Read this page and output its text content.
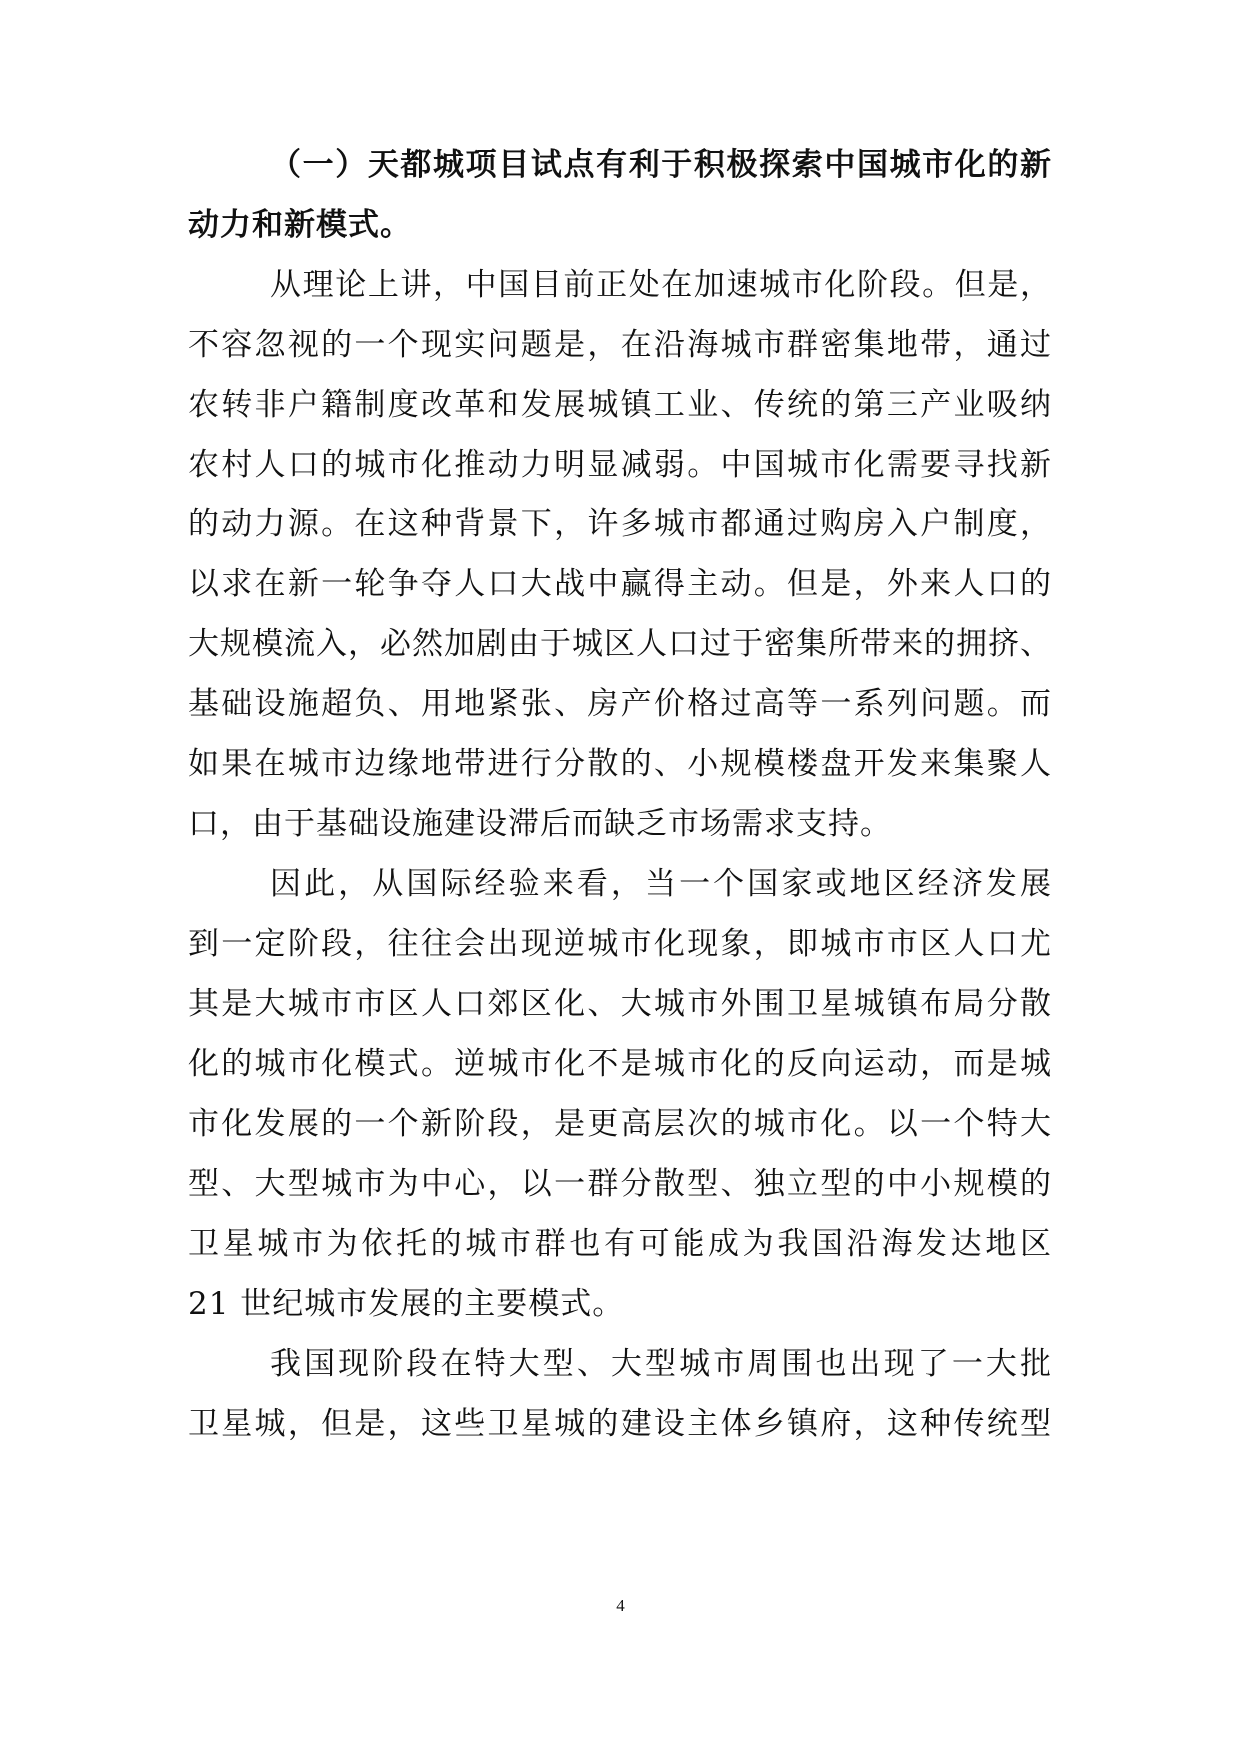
（一）天都城项目试点有利于积极探索中国城市化的新
动力和新模式。
从理论上讲，中国目前正处在加速城市化阶段。但是，
不容忽视的一个现实问题是，在沿海城市群密集地带，通过
农转非户籍制度改革和发展城镇工业、传统的第三产业吸纳
农村人口的城市化推动力明显减弱。中国城市化需要寻找新
的动力源。在这种背景下，许多城市都通过购房入户制度，
以求在新一轮争夺人口大战中赢得主动。但是，外来人口的
大规模流入，必然加剧由于城区人口过于密集所带来的拥挤、
基础设施超负、用地紧张、房产价格过高等一系列问题。而
如果在城市边缘地带进行分散的、小规模楼盘开发来集聚人
口，由于基础设施建设滞后而缺乏市场需求支持。
因此，从国际经验来看，当一个国家或地区经济发展
到一定阶段，往往会出现逆城市化现象，即城市市区人口尤
其是大城市市区人口郊区化、大城市外围卫星城镇布局分散
化的城市化模式。逆城市化不是城市化的反向运动，而是城
市化发展的一个新阶段，是更高层次的城市化。以一个特大
型、大型城市为中心，以一群分散型、独立型的中小规模的
卫星城市为依托的城市群也有可能成为我国沿海发达地区
21 世纪城市发展的主要模式。
我国现阶段在特大型、大型城市周围也出现了一大批
卫星城，但是，这些卫星城的建设主体乡镇府，这种传统型
4
